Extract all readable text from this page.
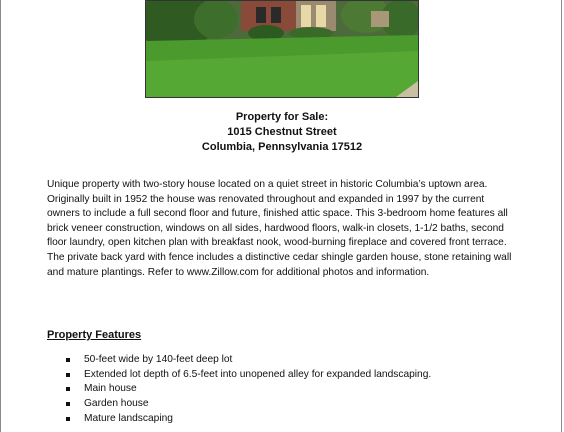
Property for Sale:
1015 Chestnut Street
Columbia, Pennsylvania 17512
Unique property with two-story house located on a quiet street in historic Columbia’s uptown area. Originally built in 1952 the house was renovated throughout and expanded in 1997 by the current owners to include a full second floor and future, finished attic space. This 3-bedroom home features all brick veneer construction, windows on all sides, hardwood floors, walk-in closets, 1-1/2 baths, second floor laundry, open kitchen plan with breakfast nook, wood-burning fireplace and covered front terrace. The private back yard with fence includes a distinctive cedar shingle garden house, stone retaining wall and mature plantings. Refer to www.Zillow.com for additional photos and information.
Property Features
50-feet wide by 140-feet deep lot
Extended lot depth of 6.5-feet into unopened alley for expanded landscaping.
Main house
Garden house
Mature landscaping
